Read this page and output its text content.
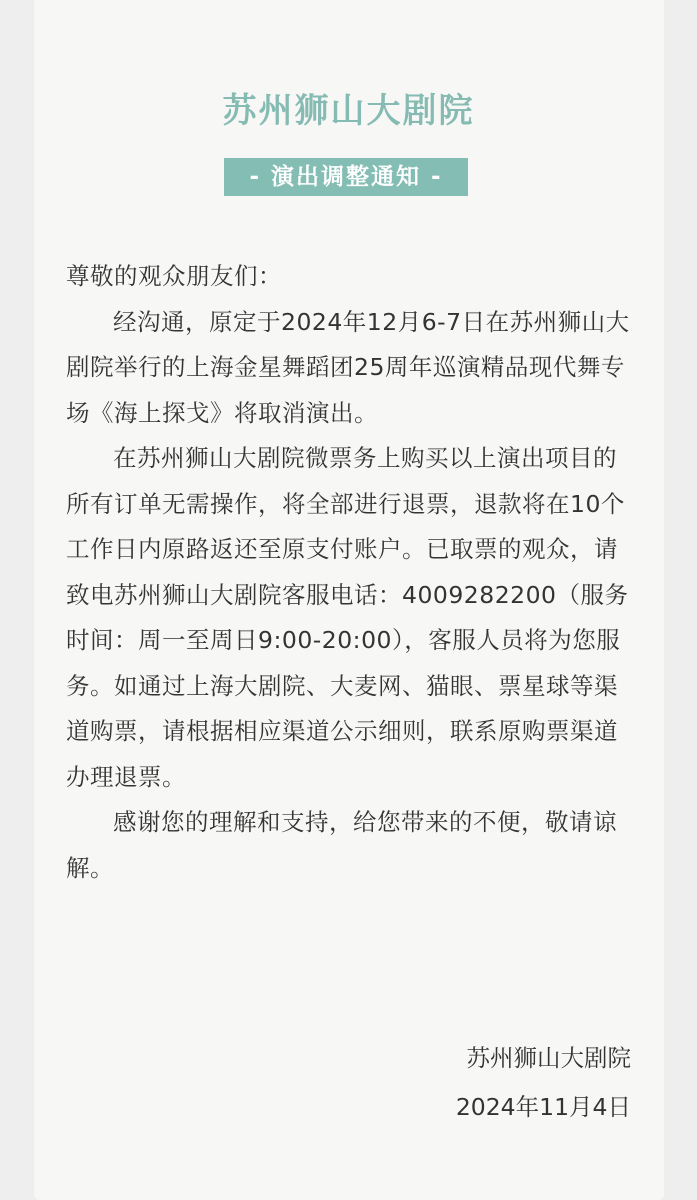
苏州狮山大剧院
- 演出调整通知 -

尊敬的观众朋友们：

经沟通，原定于2024年12月6-7日在苏州狮山大剧院举行的上海金星舞蹈团25周年巡演精品现代舞专场《海上探戈》将取消演出。

在苏州狮山大剧院微票务上购买以上演出项目的所有订单无需操作，将全部进行退票，退款将在10个工作日内原路返还至原支付账户。已取票的观众，请致电苏州狮山大剧院客服电话：4009282200（服务时间：周一至周日9:00-20:00），客服人员将为您服务。如通过上海大剧院、大麦网、猫眼、票星球等渠道购票，请根据相应渠道公示细则，联系原购票渠道办理退票。

感谢您的理解和支持，给您带来的不便，敬请谅解。

苏州狮山大剧院
2024年11月4日
